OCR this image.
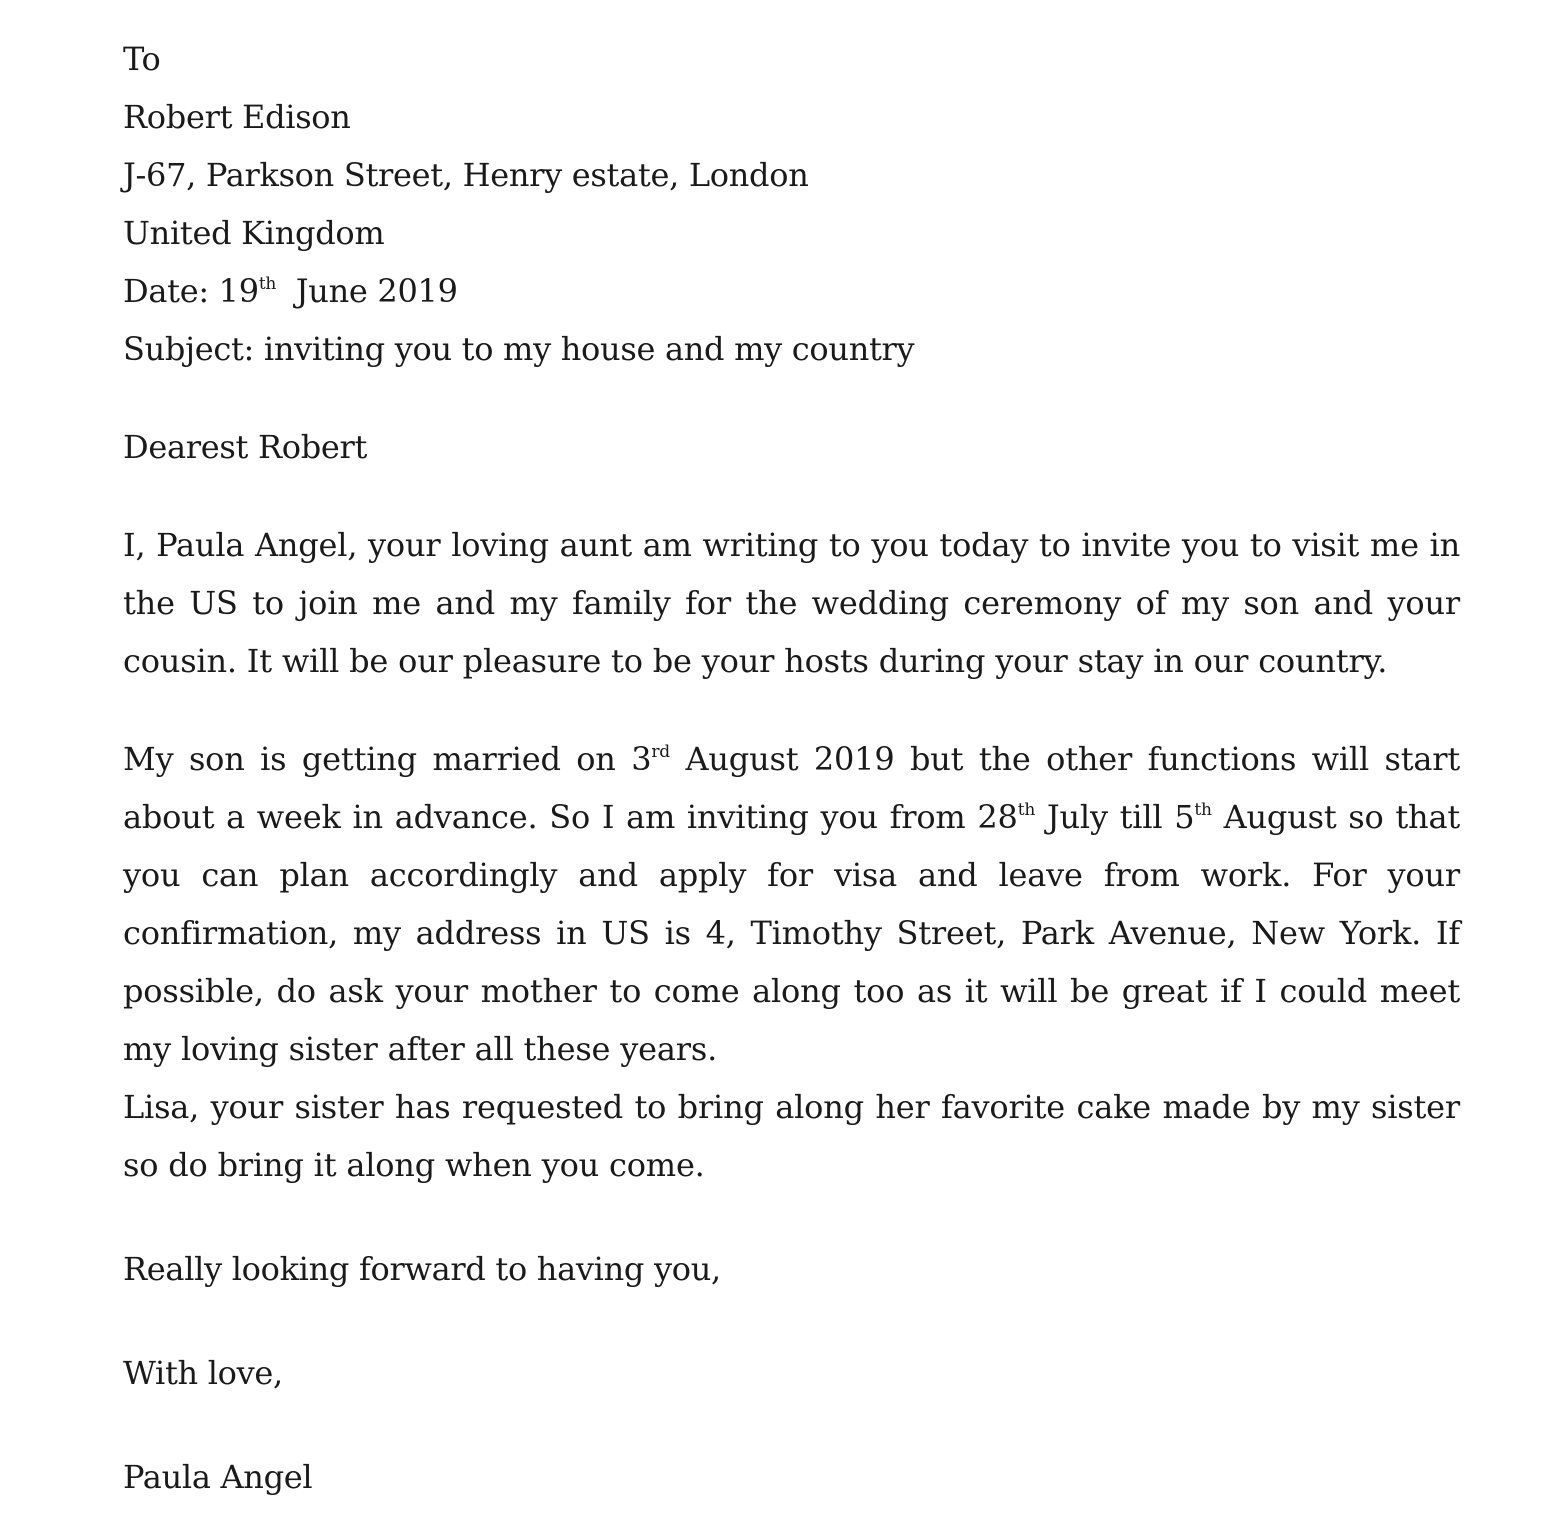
To
Robert Edison
J-67, Parkson Street, Henry estate, London
United Kingdom
Date: 19th  June 2019
Subject: inviting you to my house and my country
Dearest Robert

I, Paula Angel, your loving aunt am writing to you today to invite you to visit me in the US to join me and my family for the wedding ceremony of my son and your cousin. It will be our pleasure to be your hosts during your stay in our country.

My son is getting married on 3rd August 2019 but the other functions will start about a week in advance. So I am inviting you from 28th July till 5th August so that you can plan accordingly and apply for visa and leave from work. For your confirmation, my address in US is 4, Timothy Street, Park Avenue, New York. If possible, do ask your mother to come along too as it will be great if I could meet my loving sister after all these years.

Lisa, your sister has requested to bring along her favorite cake made by my sister so do bring it along when you come.

Really looking forward to having you,
With love,
Paula Angel
